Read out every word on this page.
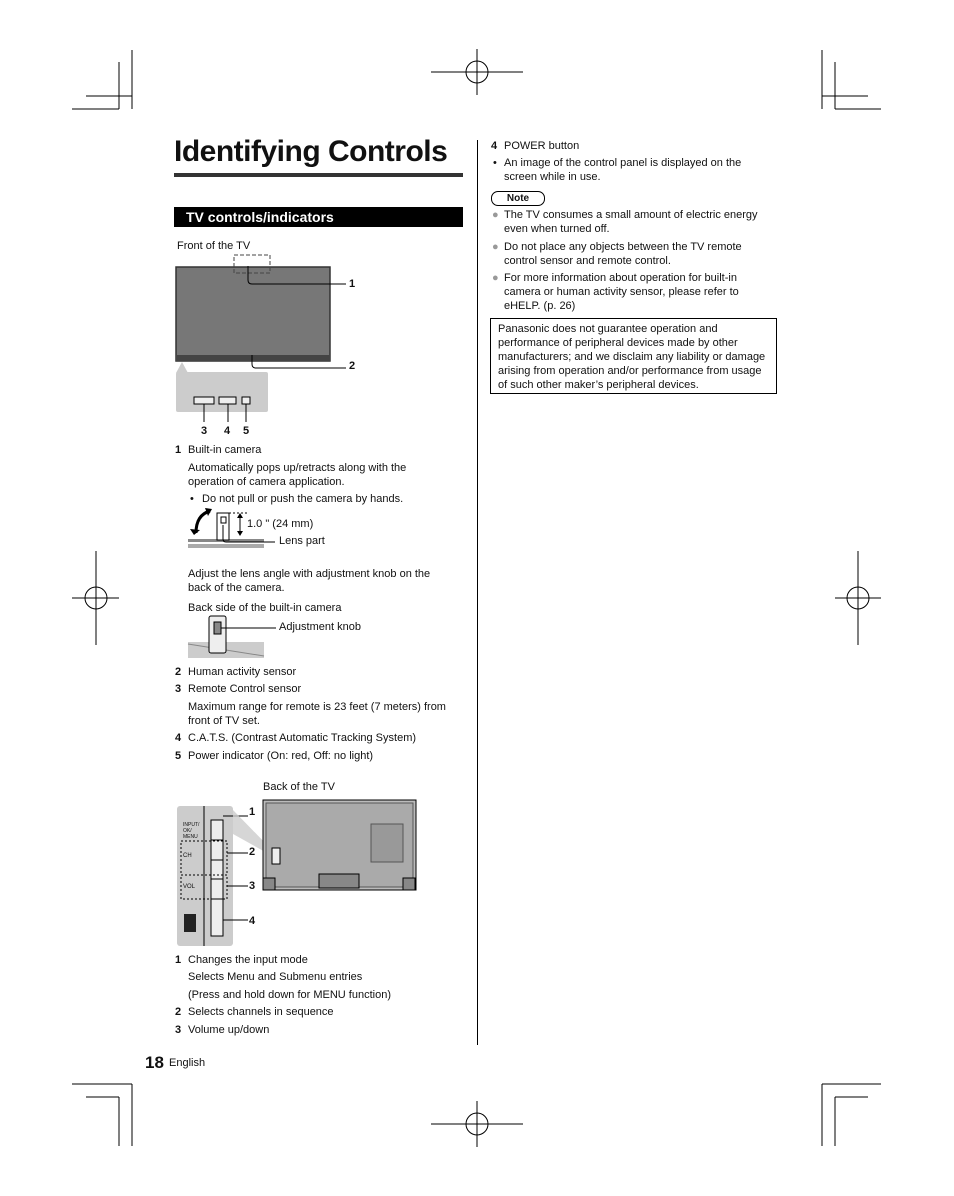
Identifying Controls
TV controls/indicators
Front of the TV
1
2
3 4 5
1 Built-in camera
Automatically pops up/retracts along with the
operation of camera application.
• Do not pull or push the camera by hands.
1.0 " (24 mm)
Lens part
Adjust the lens angle with adjustment knob on the
back of the camera.
Back side of the built-in camera
Adjustment knob
2 Human activity sensor
3 Remote Control sensor
Maximum range for remote is 23 feet (7 meters) from
front of TV set.
4 C.A.T.S. (Contrast Automatic Tracking System)
5 Power indicator (On: red, Off: no light)
Back of the TV
INPUT/ OK/ MENU
CH
VOL
1
2
3
4
1 Changes the input mode
Selects Menu and Submenu entries
(Press and hold down for MENU function)
2 Selects channels in sequence
3 Volume up/down
18 English
4 POWER button
• An image of the control panel is displayed on the
screen while in use.
Note
● The TV consumes a small amount of electric energy
even when turned off.
● Do not place any objects between the TV remote
control sensor and remote control.
● For more information about operation for built-in
camera or human activity sensor, please refer to
eHELP. (p. 26)
Panasonic does not guarantee operation and performance of peripheral devices made by other manufacturers; and we disclaim any liability or damage arising from operation and/or performance from usage of such other maker’s peripheral devices.
